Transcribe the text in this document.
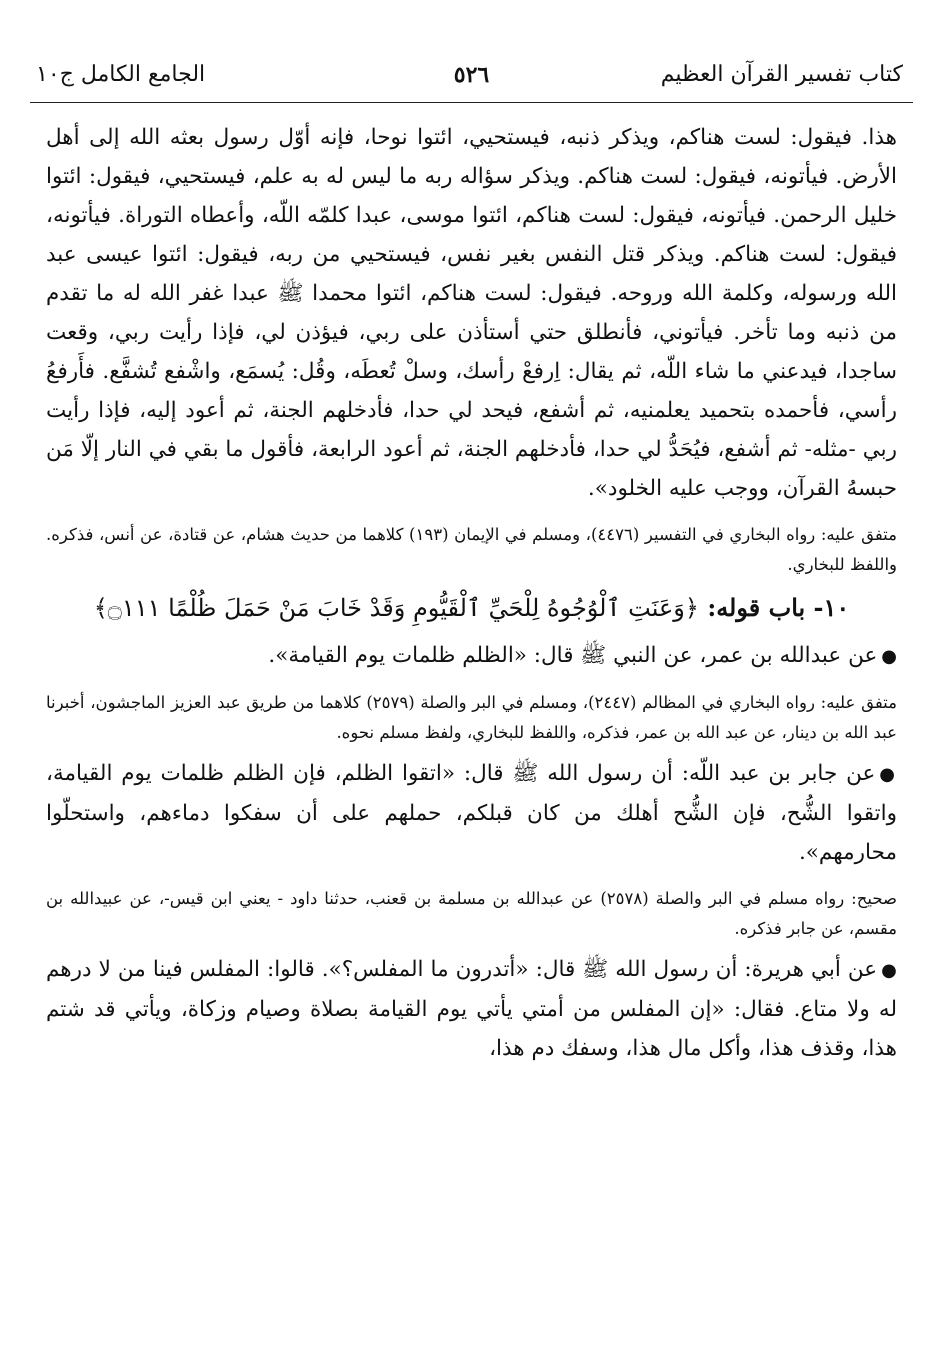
كتاب تفسير القرآن العظيم
٥٢٦
الجامع الكامل ج١٠

هذا. فيقول: لست هناكم، ويذكر ذنبه، فيستحيي، ائتوا نوحا، فإنه أوّل رسول بعثه الله إلى أهل الأرض. فيأتونه، فيقول: لست هناكم. ويذكر سؤاله ربه ما ليس له به علم، فيستحيي، فيقول: ائتوا خليل الرحمن. فيأتونه، فيقول: لست هناكم، ائتوا موسى، عبدا كلمّه اللّه، وأعطاه التوراة. فيأتونه، فيقول: لست هناكم. ويذكر قتل النفس بغير نفس، فيستحيي من ربه، فيقول: ائتوا عيسى عبد الله ورسوله، وكلمة الله وروحه. فيقول: لست هناكم، ائتوا محمدا ﷺ عبدا غفر الله له ما تقدم من ذنبه وما تأخر. فيأتوني، فأنطلق حتي أستأذن على ربي، فيؤذن لي، فإذا رأيت ربي، وقعت ساجدا، فيدعني ما شاء اللّه، ثم يقال: اِرفعْ رأسك، وسلْ تُعطَه، وقُل: يُسمَع، واشْفع تُشفَّع. فأَرفعُ رأسي، فأحمده بتحميد يعلمنيه، ثم أشفع، فيحد لي حدا، فأدخلهم الجنة، ثم أعود إليه، فإذا رأيت ربي -مثله- ثم أشفع، فيُحَدُّ لي حدا، فأدخلهم الجنة، ثم أعود الرابعة، فأقول ما بقي في النار إلّا مَن حبسهُ القرآن، ووجب عليه الخلود».

متفق عليه: رواه البخاري في التفسير (٤٤٧٦)، ومسلم في الإيمان (١٩٣) كلاهما من حديث هشام، عن قتادة، عن أنس، فذكره. واللفظ للبخاري.

١٠- باب قوله: ﴿وَعَنَتِ ٱلْوُجُوهُ لِلْحَيِّ ٱلْقَيُّومِ وَقَدْ خَابَ مَنْ حَمَلَ ظُلْمًا ۝١١١﴾

●عن عبدالله بن عمر، عن النبي ﷺ قال: «الظلم ظلمات يوم القيامة».

متفق عليه: رواه البخاري في المظالم (٢٤٤٧)، ومسلم في البر والصلة (٢٥٧٩) كلاهما من طريق عبد العزيز الماجشون، أخبرنا عبد الله بن دينار، عن عبد الله بن عمر، فذكره، واللفظ للبخاري، ولفظ مسلم نحوه.

●عن جابر بن عبد اللّه: أن رسول الله ﷺ قال: «اتقوا الظلم، فإن الظلم ظلمات يوم القيامة، واتقوا الشُّح، فإن الشُّح أهلك من كان قبلكم، حملهم على أن سفكوا دماءهم، واستحلّوا محارمهم».

صحيح: رواه مسلم في البر والصلة (٢٥٧٨) عن عبدالله بن مسلمة بن قعنب، حدثنا داود - يعني ابن قيس-، عن عبيدالله بن مقسم، عن جابر فذكره.

●عن أبي هريرة: أن رسول الله ﷺ قال: «أتدرون ما المفلس؟». قالوا: المفلس فينا من لا درهم له ولا متاع. فقال: «إن المفلس من أمتي يأتي يوم القيامة بصلاة وصيام وزكاة، ويأتي قد شتم هذا، وقذف هذا، وأكل مال هذا، وسفك دم هذا،
